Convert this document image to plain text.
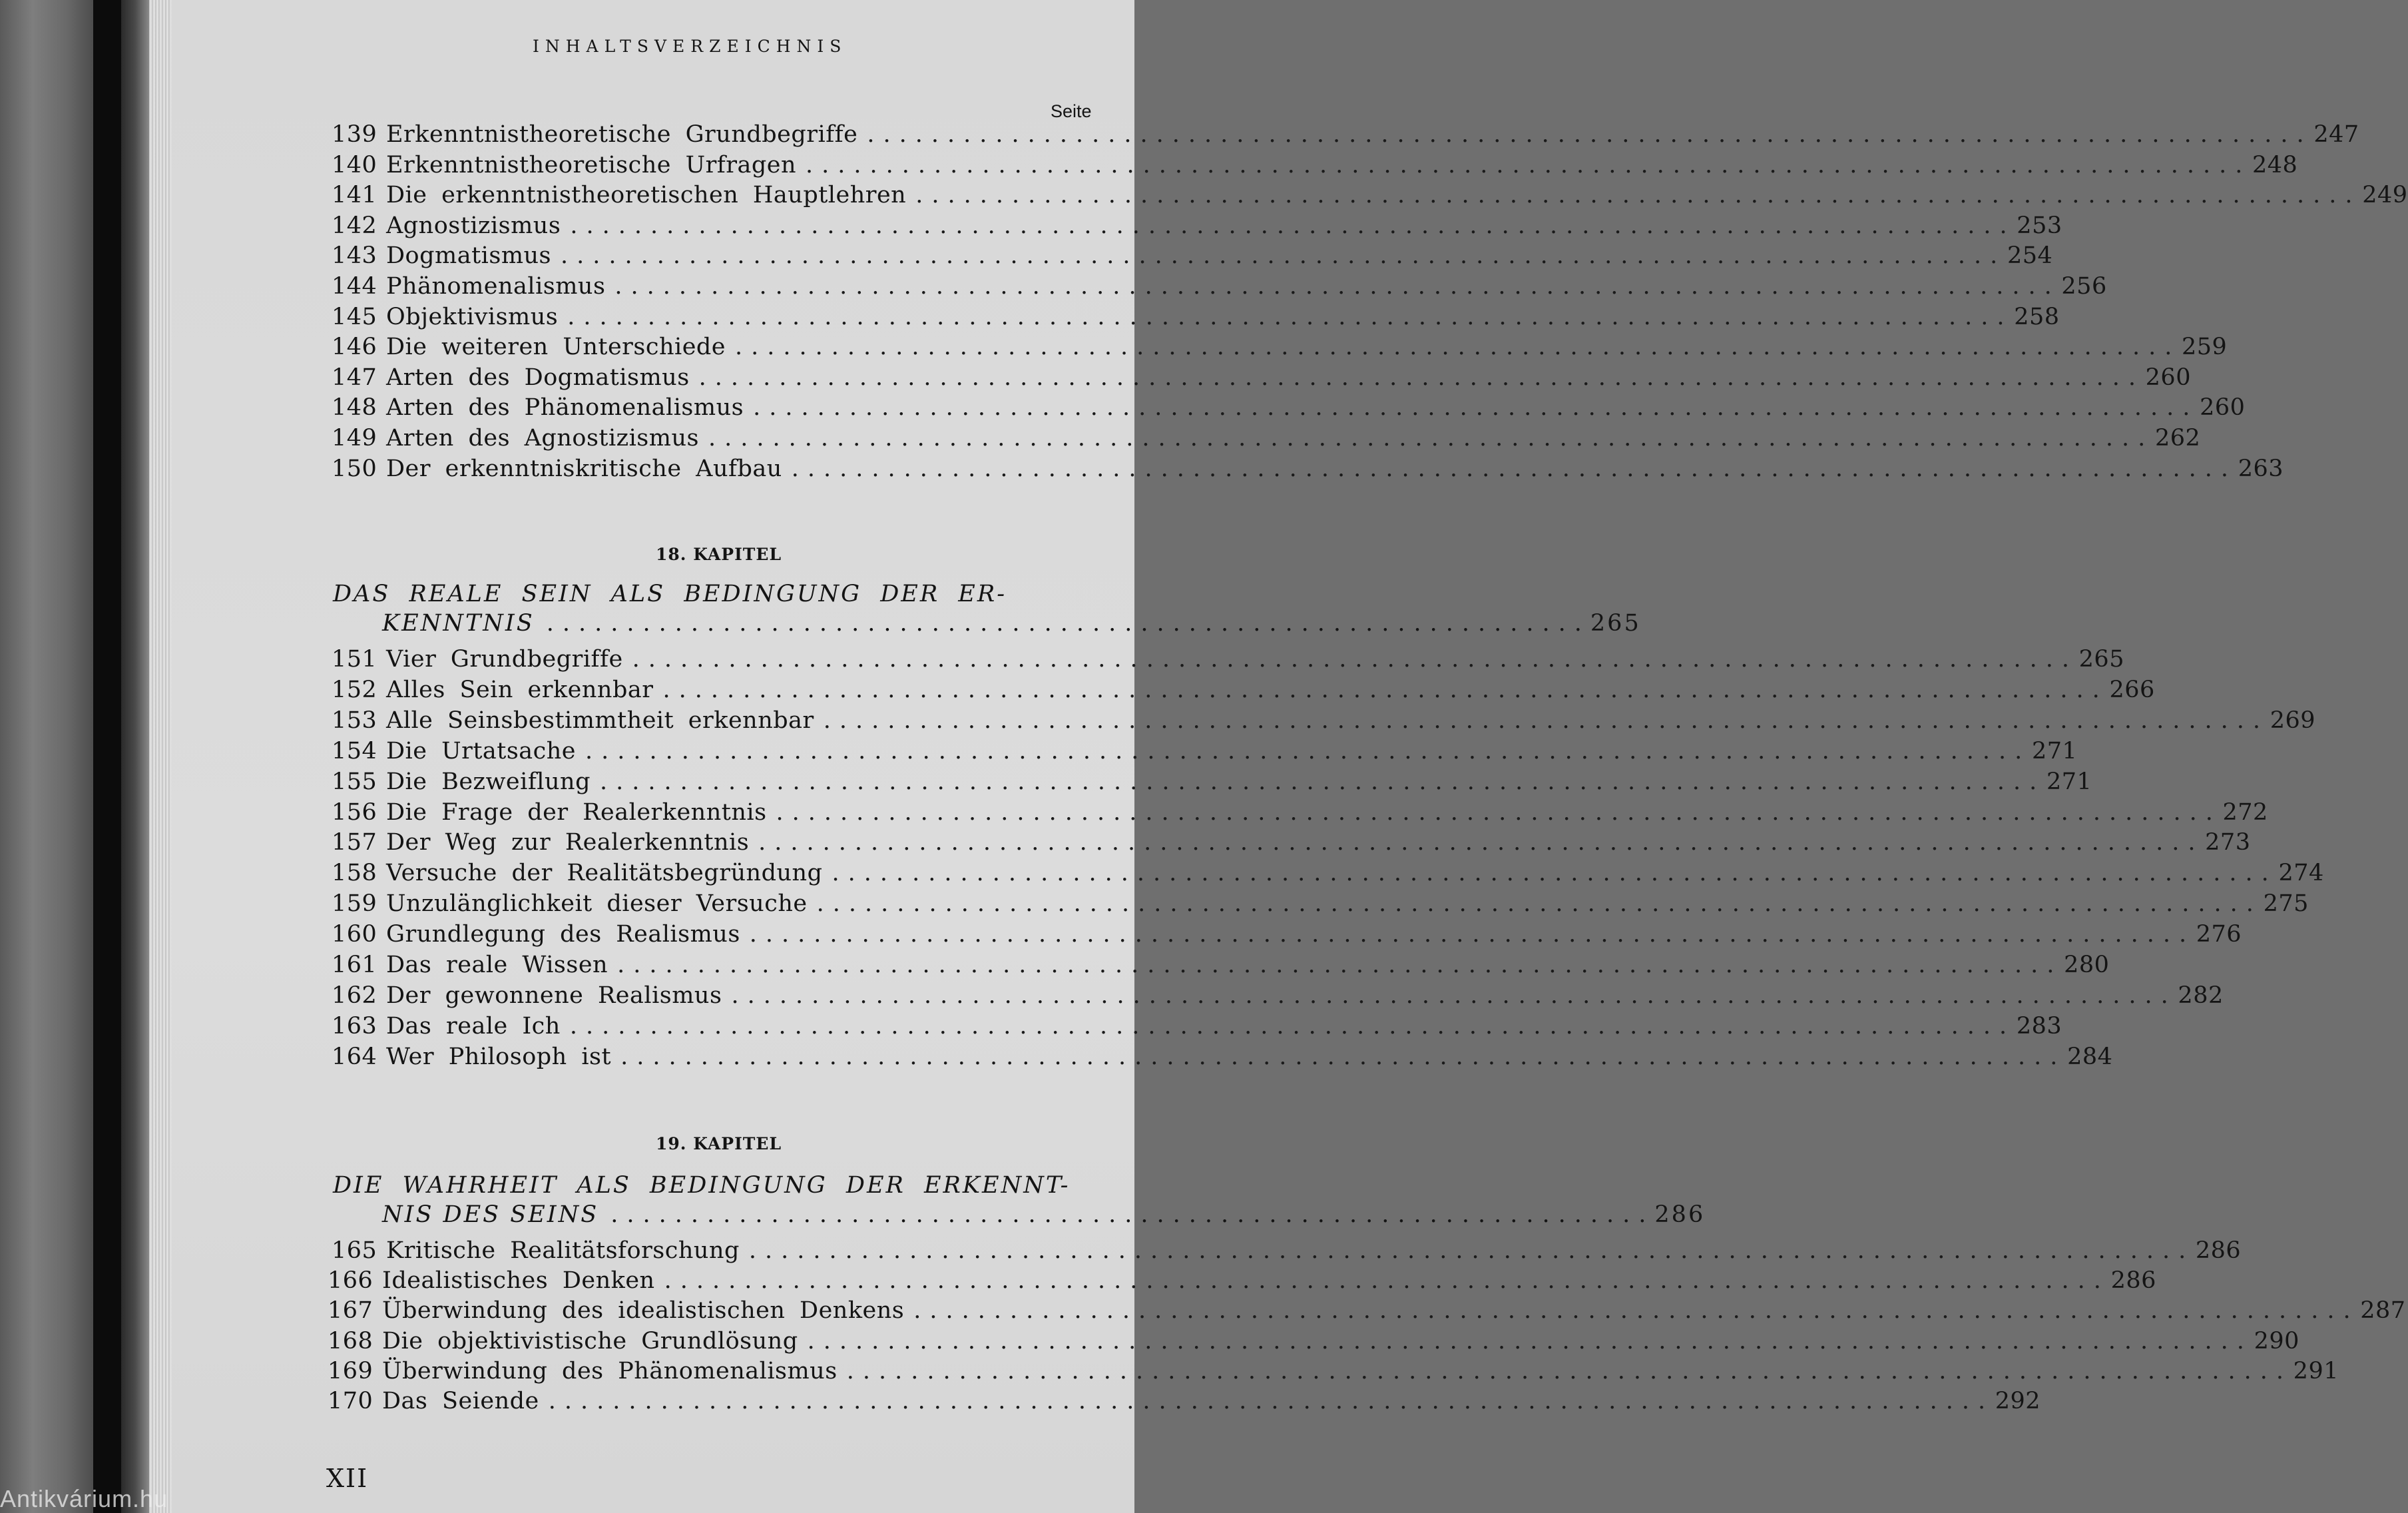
INHALTSVERZEICHNIS
Seite
18. KAPITEL
DAS REALE SEIN ALS BEDINGUNG DER ER-
KENNTNIS ................................................................. 265
19. KAPITEL
DIE WAHRHEIT ALS BEDINGUNG DER ERKENNT-
NIS DES SEINS ................................................................. 286
XII
Antikvárium.hu
139 Erkenntnistheoretische Grundbegriffe .......................................................................................... 247
140 Erkenntnistheoretische Urfragen .......................................................................................... 248
141 Die erkenntnistheoretischen Hauptlehren .......................................................................................... 249
142 Agnostizismus .......................................................................................... 253
143 Dogmatismus .......................................................................................... 254
144 Phänomenalismus .......................................................................................... 256
145 Objektivismus .......................................................................................... 258
146 Die weiteren Unterschiede .......................................................................................... 259
147 Arten des Dogmatismus .......................................................................................... 260
148 Arten des Phänomenalismus .......................................................................................... 260
149 Arten des Agnostizismus .......................................................................................... 262
150 Der erkenntniskritische Aufbau .......................................................................................... 263
151 Vier Grundbegriffe .......................................................................................... 265
152 Alles Sein erkennbar .......................................................................................... 266
153 Alle Seinsbestimmtheit erkennbar .......................................................................................... 269
154 Die Urtatsache .......................................................................................... 271
155 Die Bezweiflung .......................................................................................... 271
156 Die Frage der Realerkenntnis .......................................................................................... 272
157 Der Weg zur Realerkenntnis .......................................................................................... 273
158 Versuche der Realitätsbegründung .......................................................................................... 274
159 Unzulänglichkeit dieser Versuche .......................................................................................... 275
160 Grundlegung des Realismus .......................................................................................... 276
161 Das reale Wissen .......................................................................................... 280
162 Der gewonnene Realismus .......................................................................................... 282
163 Das reale Ich .......................................................................................... 283
164 Wer Philosoph ist .......................................................................................... 284
165 Kritische Realitätsforschung .......................................................................................... 286
166 Idealistisches Denken .......................................................................................... 286
167 Überwindung des idealistischen Denkens .......................................................................................... 287
168 Die objektivistische Grundlösung .......................................................................................... 290
169 Überwindung des Phänomenalismus .......................................................................................... 291
170 Das Seiende .......................................................................................... 292
